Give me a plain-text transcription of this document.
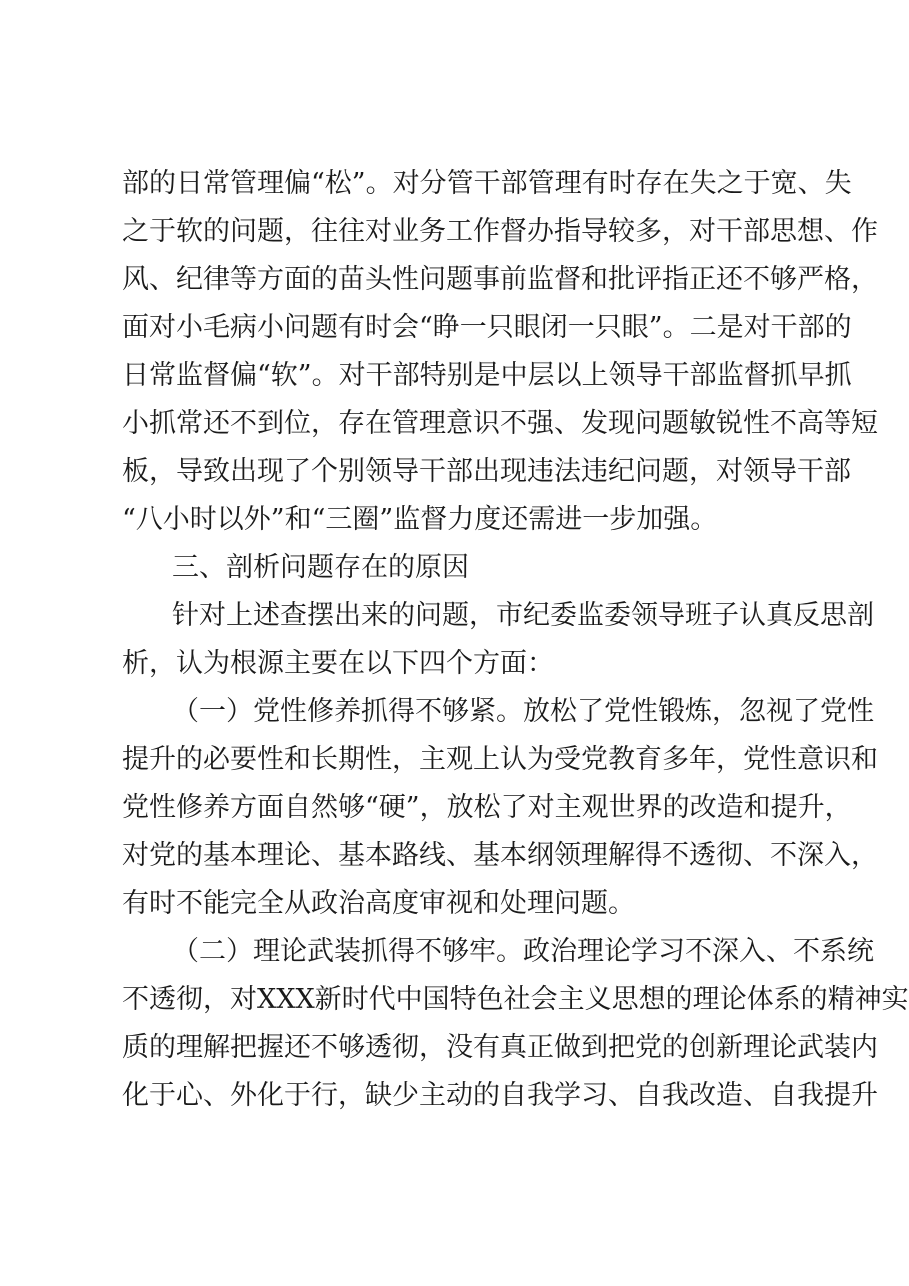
部的日常管理偏“松”。对分管干部管理有时存在失之于宽、失
之于软的问题，往往对业务工作督办指导较多，对干部思想、作
风、纪律等方面的苗头性问题事前监督和批评指正还不够严格，
面对小毛病小问题有时会“睁一只眼闭一只眼”。二是对干部的
日常监督偏“软”。对干部特别是中层以上领导干部监督抓早抓
小抓常还不到位，存在管理意识不强、发现问题敏锐性不高等短
板，导致出现了个别领导干部出现违法违纪问题，对领导干部
“八小时以外”和“三圈”监督力度还需进一步加强。
三、剖析问题存在的原因
针对上述查摆出来的问题，市纪委监委领导班子认真反思剖
析，认为根源主要在以下四个方面：
（一）党性修养抓得不够紧。放松了党性锻炼，忽视了党性
提升的必要性和长期性，主观上认为受党教育多年，党性意识和
党性修养方面自然够“硬”，放松了对主观世界的改造和提升，
对党的基本理论、基本路线、基本纲领理解得不透彻、不深入，
有时不能完全从政治高度审视和处理问题。
（二）理论武装抓得不够牢。政治理论学习不深入、不系统
不透彻，对XXX新时代中国特色社会主义思想的理论体系的精神实
质的理解把握还不够透彻，没有真正做到把党的创新理论武装内
化于心、外化于行，缺少主动的自我学习、自我改造、自我提升
